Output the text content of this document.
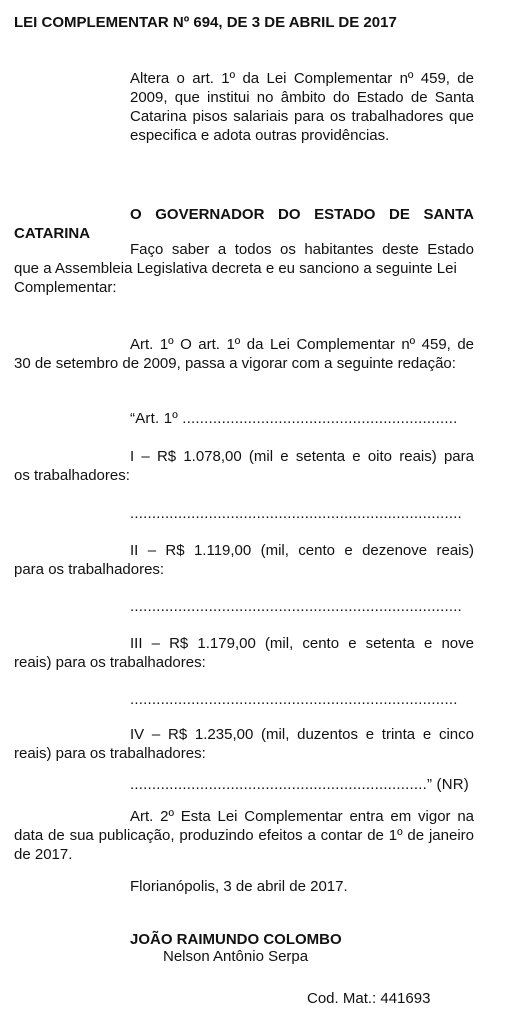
LEI COMPLEMENTAR Nº 694, DE 3 DE ABRIL DE 2017
Altera o art. 1º da Lei Complementar nº 459, de 2009, que institui no âmbito do Estado de Santa Catarina pisos salariais para os trabalhadores que especifica e adota outras providências.
O GOVERNADOR DO ESTADO DE SANTA
CATARINA
Faço saber a todos os habitantes deste Estado
que a Assembleia Legislativa decreta e eu sanciono a seguinte Lei Complementar:
Art. 1º O art. 1º da Lei Complementar nº 459, de
30 de setembro de 2009, passa a vigorar com a seguinte redação:
“Art. 1º ...............................................................
I – R$ 1.078,00 (mil e setenta e oito reais) para
os trabalhadores:
............................................................................
II – R$ 1.119,00 (mil, cento e dezenove reais)
para os trabalhadores:
............................................................................
III – R$ 1.179,00 (mil, cento e setenta e nove
reais) para os trabalhadores:
...........................................................................
IV – R$ 1.235,00 (mil, duzentos e trinta e cinco
reais) para os trabalhadores:
....................................................................” (NR)
Art. 2º Esta Lei Complementar entra em vigor na
data de sua publicação, produzindo efeitos a contar de 1º de janeiro de 2017.
Florianópolis, 3 de abril de 2017.
JOÃO RAIMUNDO COLOMBO
Nelson Antônio Serpa
Cod. Mat.: 441693
